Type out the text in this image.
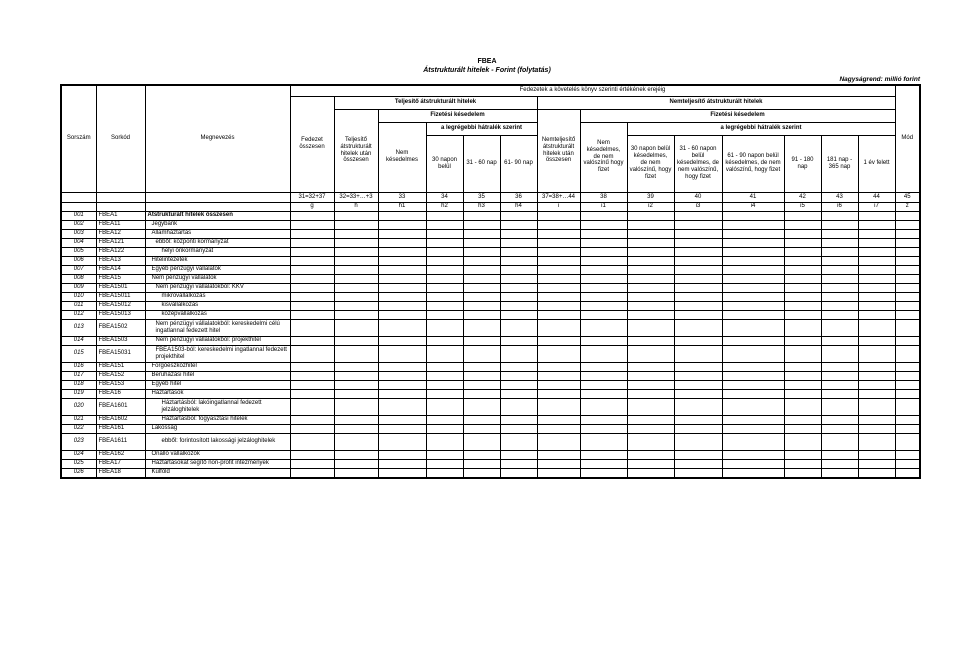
FBEA
Átstrukturált hitelek - Forint (folytatás)
Nagyságrend: millió forint
Sorszám	Sorkód	Megnevezés	Fedezetek a követelés könyv szerinti értékének erejéig														Mód
			Fedezet összesen	Teljesítő átstrukturált hitelek					Nemteljesítő átstrukturált hitelek								
				Teljesítő átstrukturált hitelek után összesen	Fizetési késedelem				Nemteljesítő átstrukturált hitelek után összesen	Fizetési késedelem							
					Nem késedelmes	a legrégebbi hátralék szerint				Nem késedelmes, de nem valószínű hogy fizet	a legrégebbi hátralék szerint						
						30 napon belül	31 - 60 nap	61- 90 nap			30 napon belül késedelmes, de nem valószínű, hogy fizet	31 - 60 napon belül késedelmes, de nem valószínű, hogy fizet	61 - 90 napon belül késedelmes, de nem valószínű, hogy fizet	91 - 180 nap	181 nap - 365 nap	1 év felett	

			31=32+37	32=33+…+3	33	34	35	36	37=38+…44	38	39	40	41	42	43	44	45
			g	h	h1	h2	h3	h4	i	i1	i2	i3	i4	i5	i6	i7	z
001	FBEA1	Átstrukturált hitelek összesen															
002	FBEA11	Jegybank															
003	FBEA12	Államháztartás															
004	FBEA121	ebből: központi kormányzat															
005	FBEA122	helyi önkormányzat															
006	FBEA13	Hitelintézetek															
007	FBEA14	Egyéb pénzügyi vállalatok															
008	FBEA15	Nem pénzügyi vállalatok															
009	FBEA1501	Nem pénzügyi vállalatokból: KKV															
010	FBEA15011	mikrovállalkozás															
011	FBEA15012	kisvállalkozás															
012	FBEA15013	középvállalkozás															
013	FBEA1502	Nem pénzügyi vállalatokból: kereskedelmi célú ingatlannal fedezett hitel															
014	FBEA1503	Nem pénzügyi vállalatokból: projekthitel															
015	FBEA15031	FBEA1503-ból: kereskedelmi ingatlannal fedezett projekthitel															
016	FBEA151	Forgóeszközhitel															
017	FBEA152	Beruházási hitel															
018	FBEA153	Egyéb hitel															
019	FBEA16	Háztartások															
020	FBEA1601	Háztartásból: lakóingatlannal fedezett jelzáloghitelek															
021	FBEA1602	Háztartásból: fogyasztási hitelek															
022	FBEA161	Lakosság															
023	FBEA1611	ebből: forintosított lakossági jelzáloghitelek															
024	FBEA162	Önálló vállalkozók															
025	FBEA17	Háztartásokat segítő non-profit intézmények															
026	FBEA18	Külföld															
